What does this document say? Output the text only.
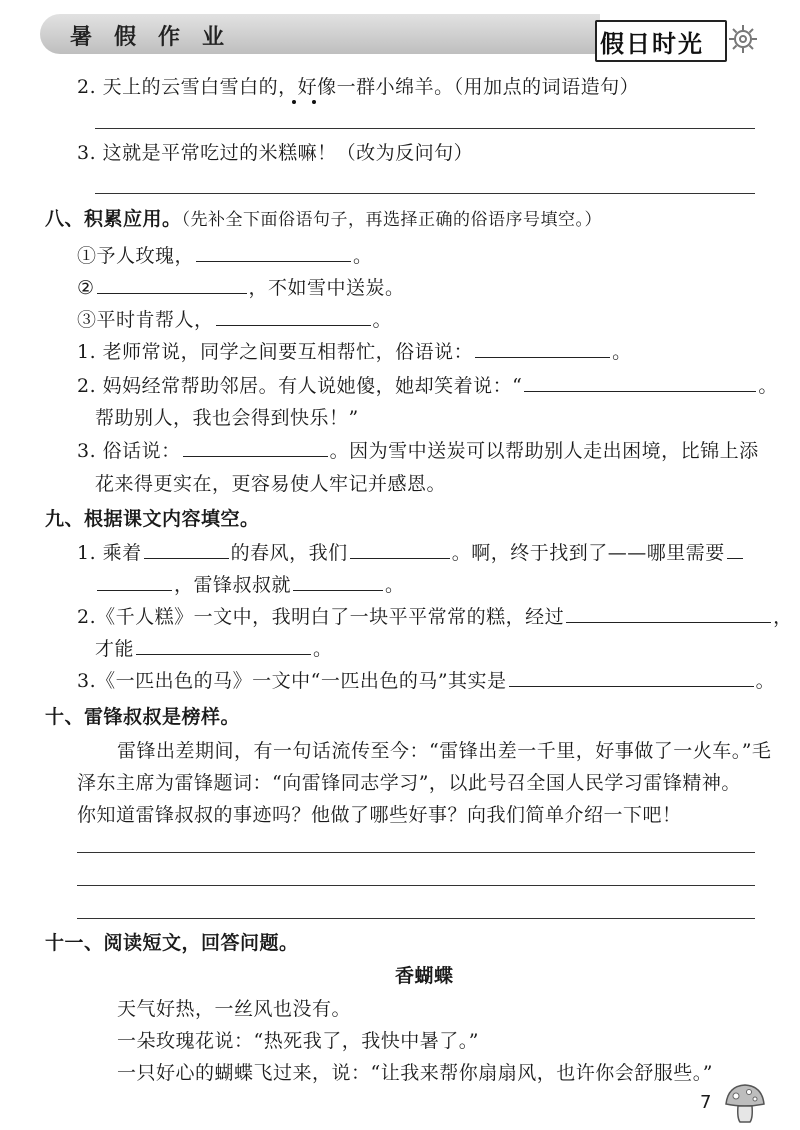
暑假作业	假日时光
2. 天上的云雪白雪白的，好像一群小绵羊。（用加点的词语造句）
3. 这就是平常吃过的米糕嘛！（改为反问句）
八、积累应用。（先补全下面俗语句子，再选择正确的俗语序号填空。）
①予人玫瑰，	。
②	，不如雪中送炭。
③平时肯帮人，	。
1. 老师常说，同学之间要互相帮忙，俗语说：	。
2. 妈妈经常帮助邻居。有人说她傻，她却笑着说：“	。
帮助别人，我也会得到快乐！”
3. 俗话说：	。因为雪中送炭可以帮助别人走出困境，比锦上添
花来得更实在，更容易使人牢记并感恩。
九、根据课文内容填空。
1. 乘着	的春风，我们	。啊，终于找到了——哪里需要
，雷锋叔叔就	。
2.《千人糕》一文中，我明白了一块平平常常的糕，经过	，
才能	。
3.《一匹出色的马》一文中“一匹出色的马”其实是	。
十、雷锋叔叔是榜样。
雷锋出差期间，有一句话流传至今：“雷锋出差一千里，好事做了一火车。”毛
泽东主席为雷锋题词：“向雷锋同志学习”，以此号召全国人民学习雷锋精神。
你知道雷锋叔叔的事迹吗？他做了哪些好事？向我们简单介绍一下吧！
十一、阅读短文，回答问题。
香蝴蝶
天气好热，一丝风也没有。
一朵玫瑰花说：“热死我了，我快中暑了。”
一只好心的蝴蝶飞过来，说：“让我来帮你扇扇风，也许你会舒服些。”
7
